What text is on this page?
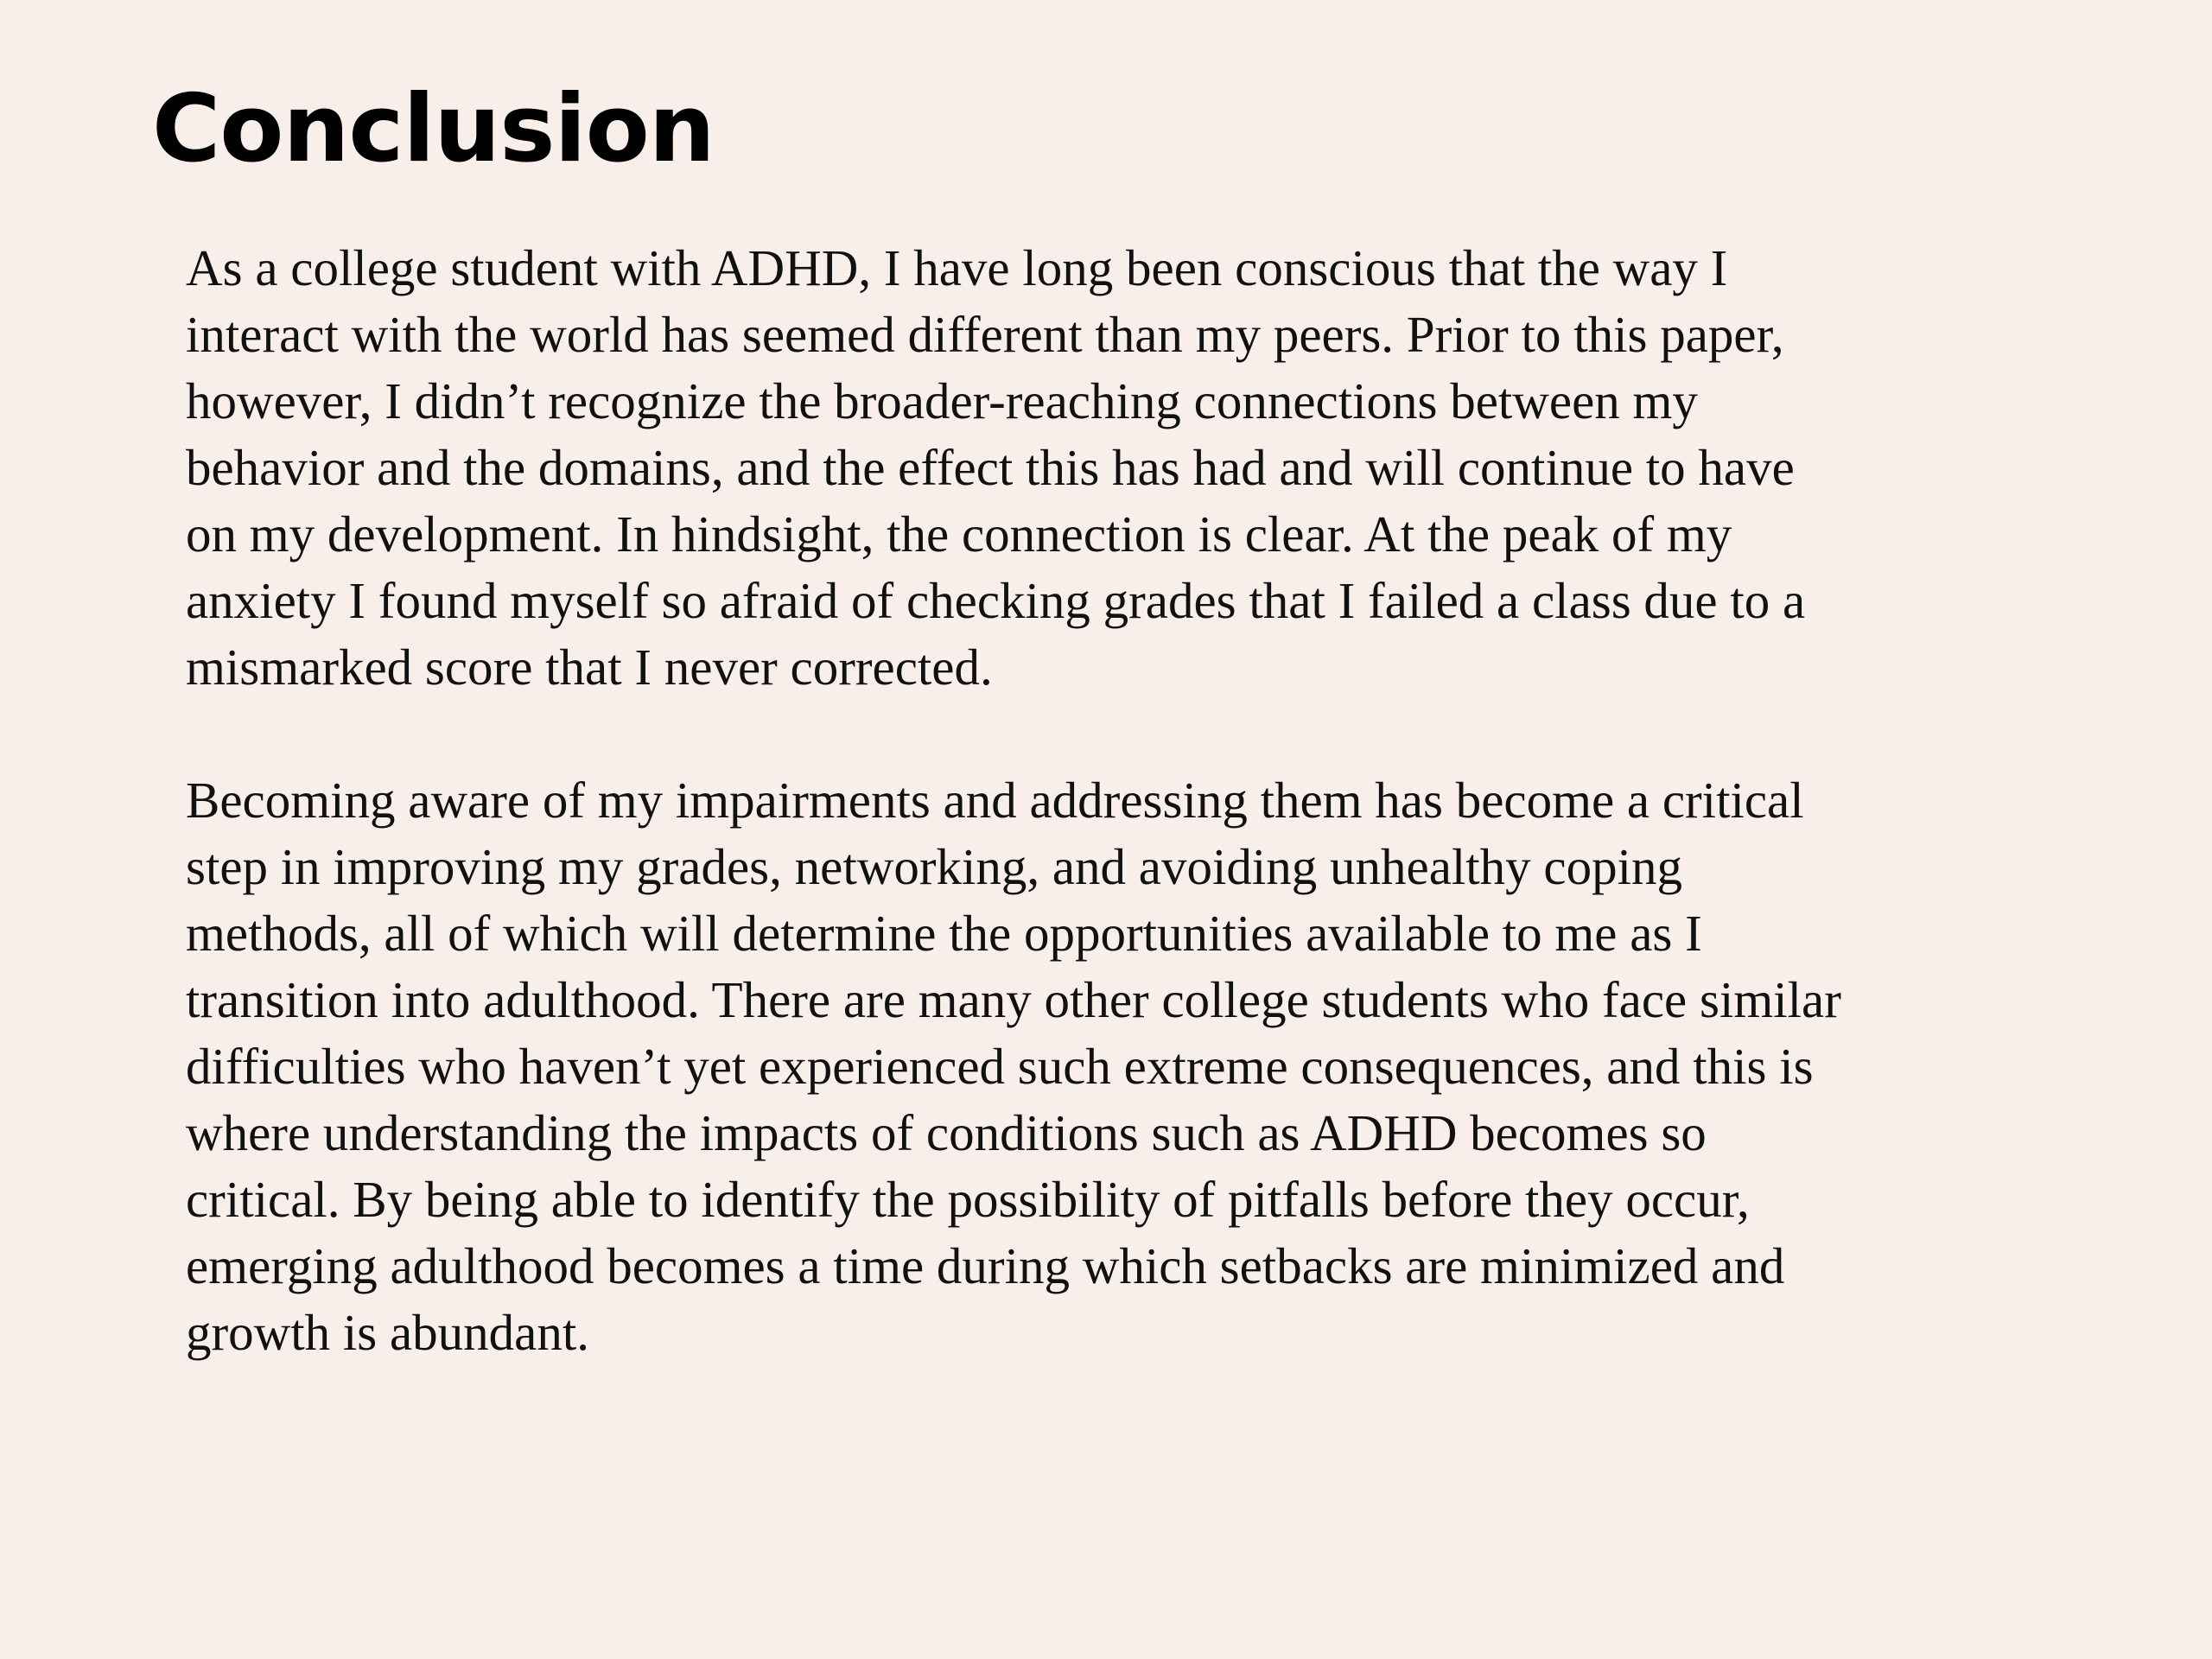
Conclusion

As a college student with ADHD, I have long been conscious that the way I
interact with the world has seemed different than my peers. Prior to this paper,
however, I didn’t recognize the broader-reaching connections between my
behavior and the domains, and the effect this has had and will continue to have
on my development. In hindsight, the connection is clear. At the peak of my
anxiety I found myself so afraid of checking grades that I failed a class due to a
mismarked score that I never corrected.

Becoming aware of my impairments and addressing them has become a critical
step in improving my grades, networking, and avoiding unhealthy coping
methods, all of which will determine the opportunities available to me as I
transition into adulthood. There are many other college students who face similar
difficulties who haven’t yet experienced such extreme consequences, and this is
where understanding the impacts of conditions such as ADHD becomes so
critical. By being able to identify the possibility of pitfalls before they occur,
emerging adulthood becomes a time during which setbacks are minimized and
growth is abundant.
